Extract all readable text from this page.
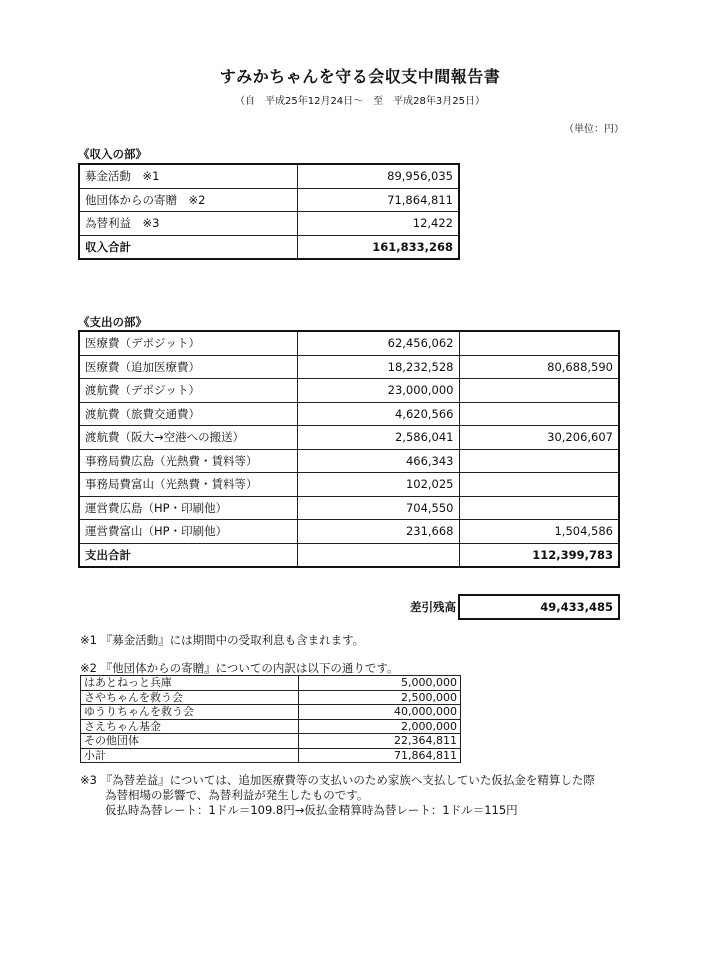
すみかちゃんを守る会収支中間報告書
（自　平成25年12月24日～　至　平成28年3月25日）
（単位：円）
《収入の部》
募金活動　※1	89,956,035
他団体からの寄贈　※2	71,864,811
為替利益　※3	12,422
収入合計	161,833,268
《支出の部》
医療費（デポジット）	62,456,062	
医療費（追加医療費）	18,232,528	80,688,590
渡航費（デポジット）	23,000,000	
渡航費（旅費交通費）	4,620,566	
渡航費（阪大→空港への搬送）	2,586,041	30,206,607
事務局費広島（光熱費・賃料等）	466,343	
事務局費富山（光熱費・賃料等）	102,025	
運営費広島（HP・印刷他）	704,550	
運営費富山（HP・印刷他）	231,668	1,504,586
支出合計		112,399,783
差引残高	49,433,485
※1 『募金活動』には期間中の受取利息も含まれます。
※2 『他団体からの寄贈』についての内訳は以下の通りです。
はあとねっと兵庫	5,000,000
さやちゃんを救う会	2,500,000
ゆうりちゃんを救う会	40,000,000
さえちゃん基金	2,000,000
その他団体	22,364,811
小計	71,864,811
※3 『為替差益』については、追加医療費等の支払いのため家族へ支払していた仮払金を精算した際
為替相場の影響で、為替利益が発生したものです。
仮払時為替レート：1ドル＝109.8円→仮払金精算時為替レート：1ドル＝115円
